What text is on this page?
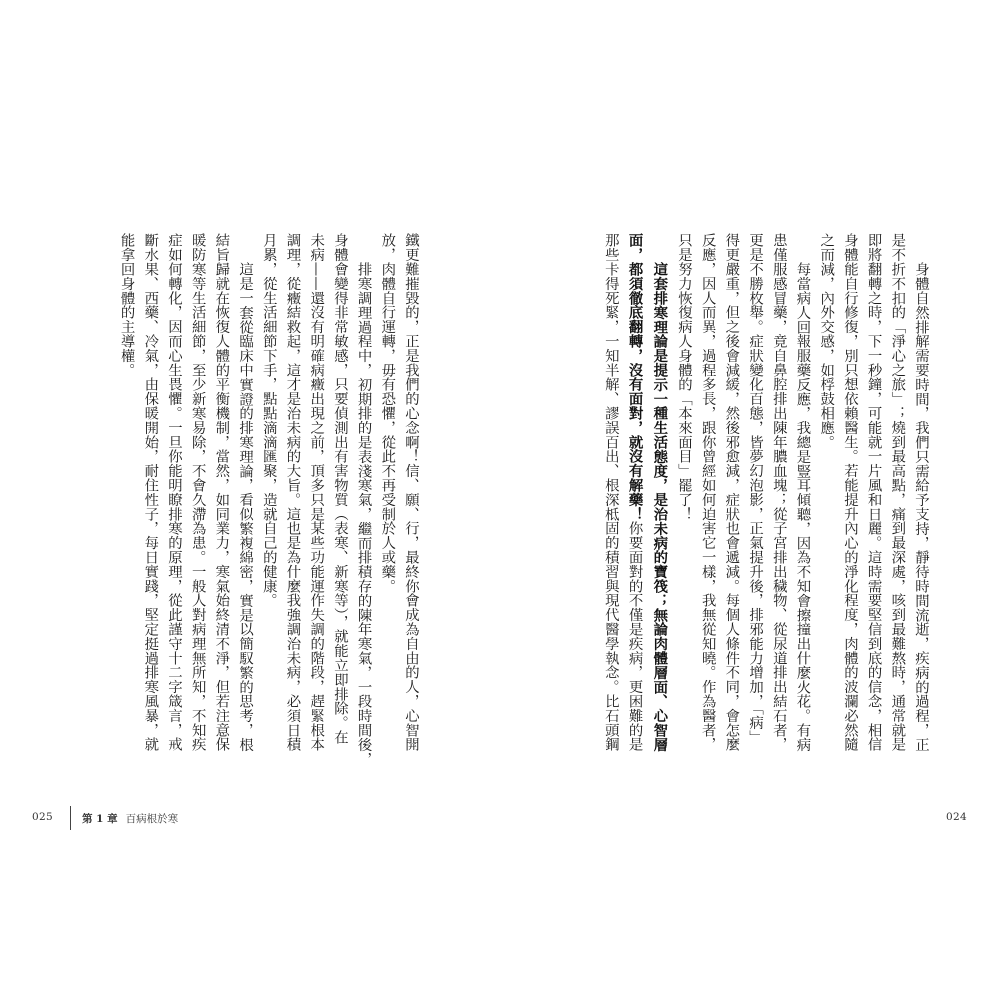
身體自然排解需要時間，我們只需給予支持，靜待時間流逝，疾病的過程，正
是不折不扣的「淨心之旅」；燒到最高點，痛到最深處，咳到最難熬時，通常就是
即將翻轉之時，下一秒鐘，可能就一片風和日麗。這時需要堅信到底的信念，相信
身體能自行修復，別只想依賴醫生。若能提升內心的淨化程度，肉體的波瀾必然隨
之而減，內外交感，如桴鼓相應。
每當病人回報服藥反應，我總是豎耳傾聽，因為不知會擦撞出什麼火花。有病
患僅服感冒藥，竟自鼻腔排出陳年膿血塊；從子宮排出穢物、從尿道排出結石者，
更是不勝枚舉。症狀變化百態，皆夢幻泡影，正氣提升後，排邪能力增加，「病」
得更嚴重，但之後會減緩，然後邪愈減，症狀也會遞減。每個人條件不同，會怎麼
反應，因人而異，過程多長，跟你曾經如何迫害它一樣，我無從知曉。作為醫者，
只是努力恢復病人身體的「本來面目」罷了！
這套排寒理論是提示一種生活態度，是治未病的寶筏；無論肉體層面、心智層
面，都須徹底翻轉，沒有面對，就沒有解藥！你要面對的不僅是疾病，更困難的是
那些卡得死緊，一知半解、謬誤百出、根深柢固的積習與現代醫學執念。比石頭鋼
鐵更難摧毀的，正是我們的心念啊！信、願、行，最終你會成為自由的人，心智開
放，肉體自行運轉，毋有恐懼，從此不再受制於人或藥。
排寒調理過程中，初期排的是表淺寒氣，繼而排積存的陳年寒氣，一段時間後，
身體會變得非常敏感，只要偵測出有害物質（表寒、新寒等），就能立即排除。在
未病——還沒有明確病癥出現之前，頂多只是某些功能運作失調的階段，趕緊根本
調理，從癥結救起，這才是治未病的大旨。這也是為什麼我強調治未病，必須日積
月累，從生活細節下手，點點滴滴匯聚，造就自己的健康。
這是一套從臨床中實證的排寒理論，看似繁複綿密，實是以簡馭繁的思考，根
結旨歸就在恢復人體的平衡機制，當然，如同業力，寒氣始終清不淨，但若注意保
暖防寒等生活細節，至少新寒易除，不會久滯為患。一般人對病理無所知，不知疾
症如何轉化，因而心生畏懼。一旦你能明瞭排寒的原理，從此謹守十二字箴言，戒
斷水果、西藥、冷氣，由保暖開始，耐住性子，每日實踐，堅定挺過排寒風暴，就
能拿回身體的主導權。
025	第 1 章 百病根於寒	024
